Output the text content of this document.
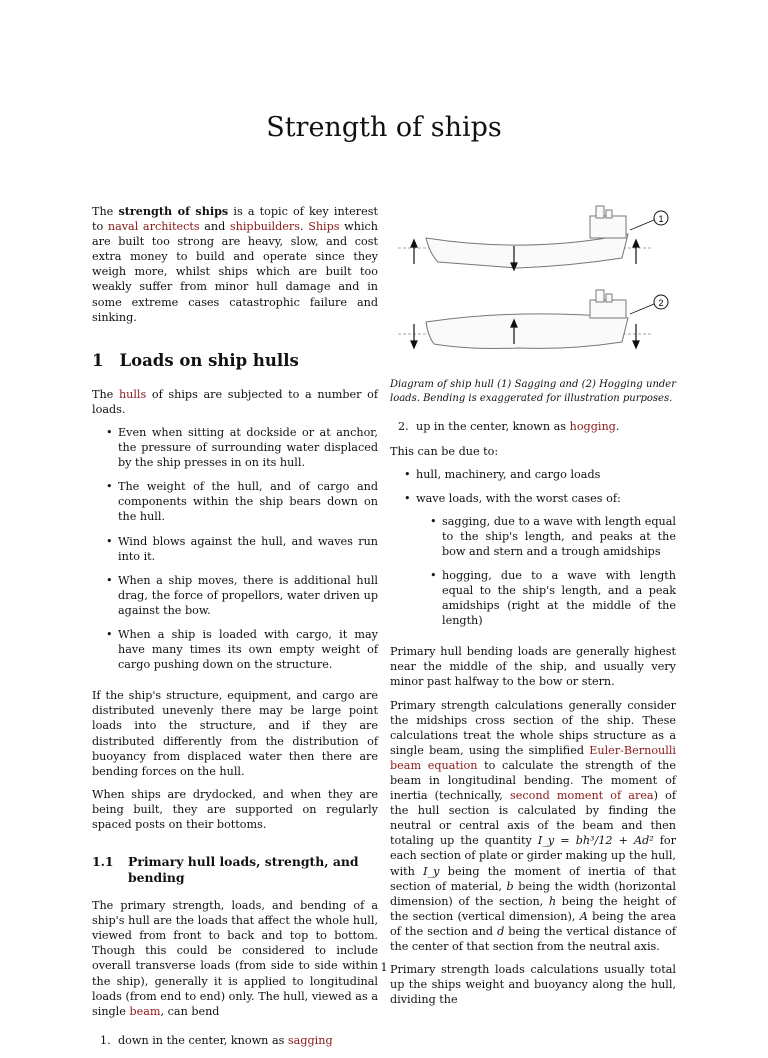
Strength of ships

The strength of ships is a topic of key interest to naval architects and shipbuilders. Ships which are built too strong are heavy, slow, and cost extra money to build and operate since they weigh more, whilst ships which are built too weakly suffer from minor hull damage and in some extreme cases catastrophic failure and sinking.

1 Loads on ship hulls

The hulls of ships are subjected to a number of loads.

• Even when sitting at dockside or at anchor, the pressure of surrounding water displaced by the ship presses in on its hull.
• The weight of the hull, and of cargo and components within the ship bears down on the hull.
• Wind blows against the hull, and waves run into it.
• When a ship moves, there is additional hull drag, the force of propellors, water driven up against the bow.
• When a ship is loaded with cargo, it may have many times its own empty weight of cargo pushing down on the structure.

If the ship's structure, equipment, and cargo are distributed unevenly there may be large point loads into the structure, and if they are distributed differently from the distribution of buoyancy from displaced water then there are bending forces on the hull.

When ships are drydocked, and when they are being built, they are supported on regularly spaced posts on their bottoms.

1.1	Primary hull loads, strength, and bending

The primary strength, loads, and bending of a ship's hull are the loads that affect the whole hull, viewed from front to back and top to bottom. Though this could be considered to include overall transverse loads (from side to side within the ship), generally it is applied to longitudinal loads (from end to end) only. The hull, viewed as a single beam, can bend

1. down in the center, known as sagging
1
2

Diagram of ship hull (1) Sagging and (2) Hogging under loads. Bending is exaggerated for illustration purposes.

2. up in the center, known as hogging.

This can be due to:

• hull, machinery, and cargo loads
• wave loads, with the worst cases of:
• sagging, due to a wave with length equal to the ship's length, and peaks at the bow and stern and a trough amidships
• hogging, due to a wave with length equal to the ship's length, and a peak amidships (right at the middle of the length)

Primary hull bending loads are generally highest near the middle of the ship, and usually very minor past halfway to the bow or stern.

Primary strength calculations generally consider the midships cross section of the ship. These calculations treat the whole ships structure as a single beam, using the simplified Euler-Bernoulli beam equation to calculate the strength of the beam in longitudinal bending. The moment of inertia (technically, second moment of area) of the hull section is calculated by finding the neutral or central axis of the beam and then totaling up the quantity I_y = bh³/12 + Ad² for each section of plate or girder making up the hull, with I_y being the moment of inertia of that section of material, b being the width (horizontal dimension) of the section, h being the height of the section (vertical dimension), A being the area of the section and d being the vertical distance of the center of that section from the neutral axis.

Primary strength loads calculations usually total up the ships weight and buoyancy along the hull, dividing the

1
